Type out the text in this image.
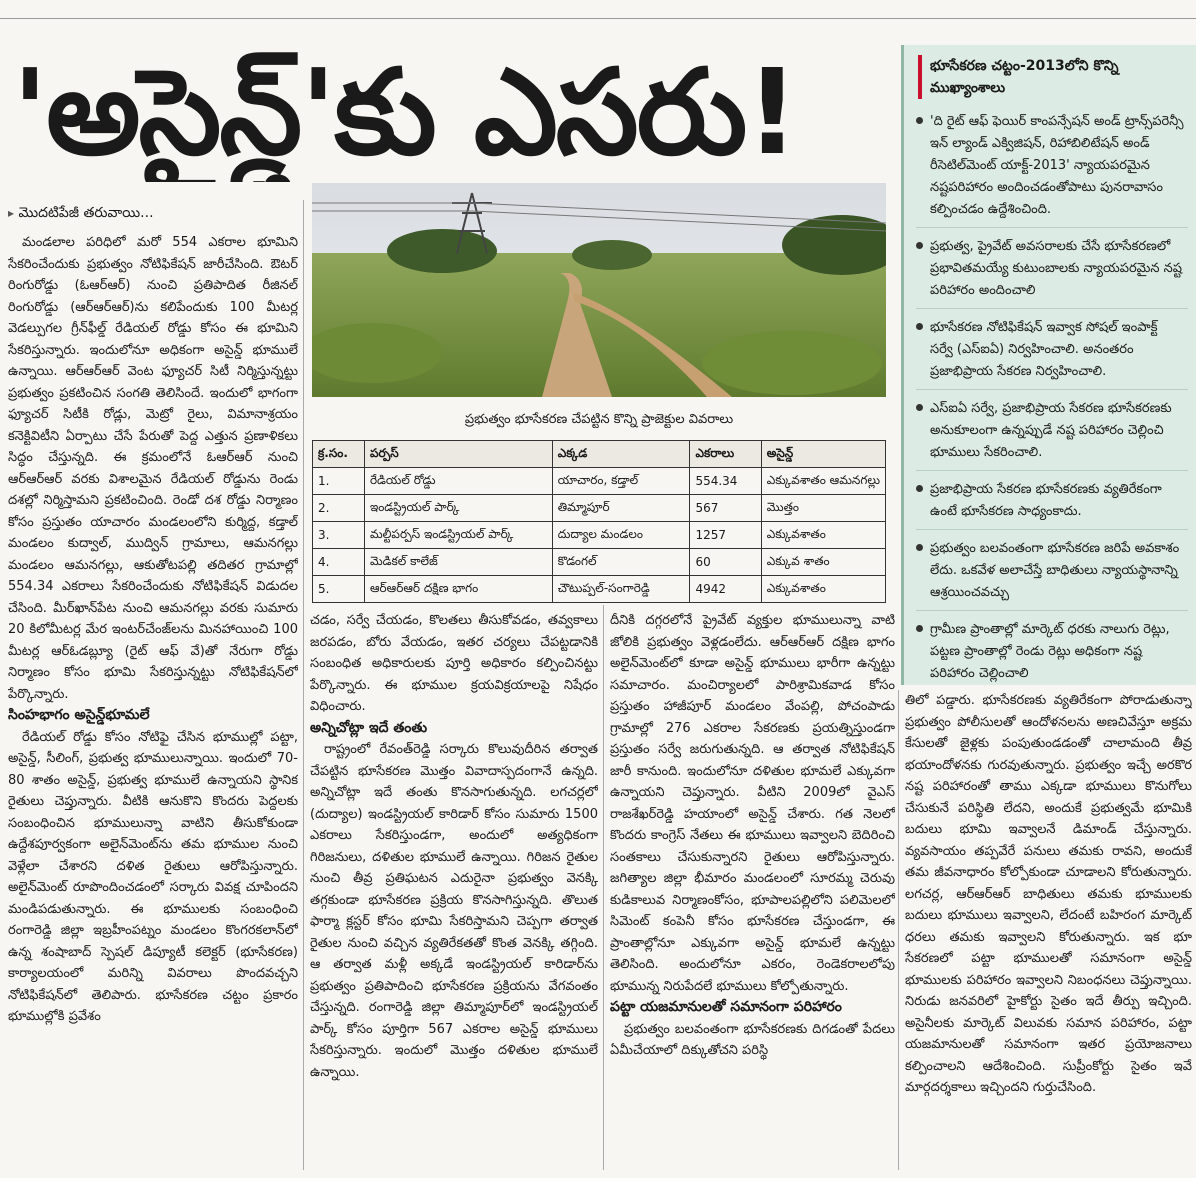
'అసైన్డ్'కు ఎసరు!
▸ మొదటిపేజీ తరువాయి...

మండలాల పరిధిలో మరో 554 ఎకరాల భూమిని సేకరించేందుకు ప్రభుత్వం నోటిఫికేషన్ జారీచేసింది. ఔటర్ రింగురోడ్డు (ఓఆర్ఆర్) నుంచి ప్రతిపాదిత రీజినల్ రింగురోడ్డు (ఆర్ఆర్ఆర్)ను కలిపేందుకు 100 మీటర్ల వెడల్పుగల గ్రీన్‌ఫీల్డ్ రేడియల్ రోడ్డు కోసం ఈ భూమిని సేకరిస్తున్నారు. ఇందులోనూ అధికంగా అసైన్డ్ భూములే ఉన్నాయి. ఆర్ఆర్ఆర్ వెంట ఫ్యూచర్ సిటీ నిర్మిస్తున్నట్టు ప్రభుత్వం ప్రకటించిన సంగతి తెలిసిందే. ఇందులో భాగంగా ఫ్యూచర్ సిటీకి రోడ్లు, మెట్రో రైలు, విమానాశ్రయం కనెక్టివిటీని ఏర్పాటు చేసే పేరుతో పెద్ద ఎత్తున ప్రణాళికలు సిద్ధం చేస్తున్నది. ఈ క్రమంలోనే ఓఆర్ఆర్ నుంచి ఆర్ఆర్ఆర్ వరకు విశాలమైన రేడియల్ రోడ్డును రెండు దశల్లో నిర్మిస్తామని ప్రకటించింది. రెండో దశ రోడ్డు నిర్మాణం కోసం ప్రస్తుతం యాచారం మండలంలోని కుర్మిద్ద, కడ్తాల్ మండలం కుద్వాల్, ముద్విన్ గ్రామాలు, ఆమనగల్లు మండలం ఆమనగల్లు, ఆకుతోటపల్లి తదితర గ్రామాల్లో 554.34 ఎకరాలు సేకరించేందుకు నోటిఫికేషన్ విడుదల చేసింది. మీర్‌ఖాన్‌పేట నుంచి ఆమనగల్లు వరకు సుమారు 20 కిలోమీటర్ల మేర ఇంటర్‌చేంజ్‌లను మినహాయించి 100 మీటర్ల ఆర్‌ఓడబ్ల్యూ (రైట్ ఆఫ్ వే)తో నేరుగా రోడ్డు నిర్మాణం కోసం భూమి సేకరిస్తున్నట్టు నోటిఫికేషన్‌లో పేర్కొన్నారు.

సింహభాగం అసైన్డ్‌భూమలే

రేడియల్ రోడ్డు కోసం నోటిఫై చేసిన భూముల్లో పట్టా, అసైన్డ్, సీలింగ్, ప్రభుత్వ భూములున్నాయి. ఇందులో 70-80 శాతం అసైన్డ్, ప్రభుత్వ భూములే ఉన్నాయని స్థానిక రైతులు చెప్తున్నారు. వీటికి ఆనుకొని కొందరు పెద్దలకు సంబంధించిన భూములున్నా వాటిని తీసుకోకుండా ఉద్దేశపూర్వకంగా అలైన్‌మెంట్‌ను తమ భూముల నుంచి వెళ్లేలా చేశారని దళిత రైతులు ఆరోపిస్తున్నారు. అలైన్‌మెంట్ రూపొందించడంలో సర్కారు వివక్ష చూపిందని మండిపడుతున్నారు. ఈ భూములకు సంబంధించి రంగారెడ్డి జిల్లా ఇబ్రహీంపట్నం మండలం కొంగరకలాన్‌లో ఉన్న శంషాబాద్ స్పెషల్ డిప్యూటీ కలెక్టర్ (భూసేకరణ) కార్యాలయంలో మరిన్ని వివరాలు పొందవచ్చని నోటిఫికేషన్‌లో తెలిపారు. భూసేకరణ చట్టం ప్రకారం భూముల్లోకి ప్రవేశం

ప్రభుత్వం భూసేకరణ చేపట్టిన కొన్ని ప్రాజెక్టుల వివరాలు
క్ర.సం.	పర్పస్	ఎక్కడ	ఎకరాలు	అసైన్డ్
1.	రేడియల్ రోడ్డు	యాచారం, కడ్తాల్	554.34	ఎక్కువశాతం ఆమనగల్లు
2.	ఇండస్ట్రియల్ పార్క్	తిమ్మాపూర్	567	మొత్తం
3.	మల్టీపర్పస్ ఇండస్ట్రియల్ పార్క్	దుద్యాల మండలం	1257	ఎక్కువశాతం
4.	మెడికల్ కాలేజ్	కొడంగల్	60	ఎక్కువ శాతం
5.	ఆర్ఆర్ఆర్ దక్షిణ భాగం	చౌటుప్పల్-సంగారెడ్డి	4942	ఎక్కువశాతం

చడం, సర్వే చేయడం, కొలతలు తీసుకోవడం, తవ్వకాలు జరపడం, బోరు వేయడం, ఇతర చర్యలు చేపట్టడానికి సంబంధిత అధికారులకు పూర్తి అధికారం కల్పించినట్టు పేర్కొన్నారు. ఈ భూముల క్రయవిక్రయాలపై నిషేధం విధించారు.

అన్నిచోట్లా ఇదే తంతు

రాష్ట్రంలో రేవంత్‌రెడ్డి సర్కారు కొలువుదీరిన తర్వాత చేపట్టిన భూసేకరణ మొత్తం వివాదాస్పదంగానే ఉన్నది. అన్నిచోట్లా ఇదే తంతు కొనసాగుతున్నది. లగచర్లలో (దుద్యాల) ఇండస్ట్రియల్ కారిడార్ కోసం సుమారు 1500 ఎకరాలు సేకరిస్తుండగా, అందులో అత్యధికంగా గిరిజనులు, దళితుల భూములే ఉన్నాయి. గిరిజన రైతుల నుంచి తీవ్ర ప్రతిఘటన ఎదురైనా ప్రభుత్వం వెనక్కి తగ్గకుండా భూసేకరణ ప్రక్రియ కొనసాగిస్తున్నది. తొలుత ఫార్మా క్లస్టర్ కోసం భూమి సేకరిస్తామని చెప్పగా తర్వాత రైతుల నుంచి వచ్చిన వ్యతిరేకతతో కొంత వెనక్కి తగ్గింది. ఆ తర్వాత మళ్లీ అక్కడే ఇండస్ట్రియల్ కారిడార్‌ను ప్రభుత్వం ప్రతిపాదించి భూసేకరణ ప్రక్రియను వేగవంతం చేస్తున్నది. రంగారెడ్డి జిల్లా తిమ్మాపూర్‌లో ఇండస్ట్రియల్ పార్క్ కోసం పూర్తిగా 567 ఎకరాల అసైన్డ్ భూములు సేకరిస్తున్నారు. ఇందులో మొత్తం దళితుల భూములే ఉన్నాయి.

దీనికి దగ్గరలోనే ప్రైవేట్ వ్యక్తుల భూములున్నా వాటి జోలికి ప్రభుత్వం వెళ్లడంలేదు. ఆర్ఆర్ఆర్ దక్షిణ భాగం అలైన్‌మెంట్‌లో కూడా అసైన్డ్ భూములు భారీగా ఉన్నట్టు సమాచారం. మంచిర్యాలలో పారిశ్రామికవాడ కోసం ప్రస్తుతం హాజీపూర్ మండలం వేంపల్లి, పోచంపాడు గ్రామాల్లో 276 ఎకరాల సేకరణకు ప్రయత్నిస్తుండగా ప్రస్తుతం సర్వే జరుగుతున్నది. ఆ తర్వాత నోటిఫికేషన్ జారీ కానుంది. ఇందులోనూ దళితుల భూమలే ఎక్కువగా ఉన్నాయని చెప్తున్నారు. వీటిని 2009లో వైఎస్ రాజశేఖర్‌రెడ్డి హయాంలో అసైన్డ్ చేశారు. గత నెలలో కొందరు కాంగ్రెస్ నేతలు ఈ భూములు ఇవ్వాలని బెదిరించి సంతకాలు చేసుకున్నారని రైతులు ఆరోపిస్తున్నారు. జగిత్యాల జిల్లా భీమారం మండలంలో సూరమ్మ చెరువు కుడికాలువ నిర్మాణంకోసం, భూపాలపల్లిలోని పలిమెలలో సిమెంట్ కంపెనీ కోసం భూసేకరణ చేస్తుండగా, ఈ ప్రాంతాల్లోనూ ఎక్కువగా అసైన్డ్ భూమలే ఉన్నట్టు తెలిసింది. అందులోనూ ఎకరం, రెండెకరాలలోపు భూమున్న నిరుపేదలే భూములు కోల్పోతున్నారు.

పట్టా యజమానులతో సమానంగా పరిహారం

ప్రభుత్వం బలవంతంగా భూసేకరణకు దిగడంతో పేదలు ఏమీచేయాలో దిక్కుతోచని పరిస్థి

భూసేకరణ చట్టం-2013లోని కొన్ని ముఖ్యాంశాలు
'ది రైట్ ఆఫ్ ఫెయిర్ కాంపన్సేషన్ అండ్ ట్రాన్స్‌పరెన్సీ ఇన్ ల్యాండ్ ఎక్విజిషన్, రిహాబిలిటేషన్ అండ్ రీసెటిల్‌మెంట్ యాక్ట్-2013' న్యాయపరమైన నష్టపరిహారం అందించడంతోపాటు పునరావాసం కల్పించడం ఉద్దేశించింది.
ప్రభుత్వ, ప్రైవేట్ అవసరాలకు చేసే భూసేకరణలో ప్రభావితమయ్యే కుటుంబాలకు న్యాయపరమైన నష్ట పరిహారం అందించాలి
భూసేకరణ నోటిఫికేషన్ ఇవ్వాక సోషల్ ఇంపాక్ట్ సర్వే (ఎస్ఐఏ) నిర్వహించాలి. అనంతరం ప్రజాభిప్రాయ సేకరణ నిర్వహించాలి.
ఎస్ఐఏ సర్వే, ప్రజాభిప్రాయ సేకరణ భూసేకరణకు అనుకూలంగా ఉన్నప్పుడే నష్ట పరిహారం చెల్లించి భూములు సేకరించాలి.
ప్రజాభిప్రాయ సేకరణ భూసేకరణకు వ్యతిరేకంగా ఉంటే భూసేకరణ సాధ్యంకాదు.
ప్రభుత్వం బలవంతంగా భూసేకరణ జరిపే అవకాశం లేదు. ఒకవేళ అలాచేస్తే బాధితులు న్యాయస్థానాన్ని ఆశ్రయించవచ్చు
గ్రామీణ ప్రాంతాల్లో మార్కెట్ ధరకు నాలుగు రెట్లు, పట్టణ ప్రాంతాల్లో రెండు రెట్లు అధికంగా నష్ట పరిహారం చెల్లించాలి

తిలో పడ్డారు. భూసేకరణకు వ్యతిరేకంగా పోరాడుతున్నా ప్రభుత్వం పోలీసులతో ఆందోళనలను అణచివేస్తూ అక్రమ కేసులతో జైళ్లకు పంపుతుండడంతో చాలామంది తీవ్ర భయాందోళనకు గురవుతున్నారు. ప్రభుత్వం ఇచ్చే అరకొర నష్ట పరిహారంతో తాము ఎక్కడా భూములు కొనుగోలు చేసుకునే పరిస్థితి లేదని, అందుకే ప్రభుత్వమే భూమికి బదులు భూమి ఇవ్వాలనే డిమాండ్ చేస్తున్నారు. వ్యవసాయం తప్పవేరే పనులు తమకు రావని, అందుకే తమ జీవనాధారం కోల్పోకుండా చూడాలని కోరుతున్నారు. లగచర్ల, ఆర్ఆర్ఆర్ బాధితులు తమకు భూములకు బదులు భూములు ఇవ్వాలని, లేదంటే బహిరంగ మార్కెట్ ధరలు తమకు ఇవ్వాలని కోరుతున్నారు. ఇక భూ సేకరణలో పట్టా భూములతో సమానంగా అసైన్డ్ భూములకు పరిహారం ఇవ్వాలని నిబంధనలు చెప్తున్నాయి. నిరుడు జనవరిలో హైకోర్టు సైతం ఇదే తీర్పు ఇచ్చింది. అసైనీలకు మార్కెట్ విలువకు సమాన పరిహారం, పట్టా యజమానులతో సమానంగా ఇతర ప్రయోజనాలు కల్పించాలని ఆదేశించింది. సుప్రీంకోర్టు సైతం ఇవే మార్గదర్శకాలు ఇచ్చిందని గుర్తుచేసింది.
